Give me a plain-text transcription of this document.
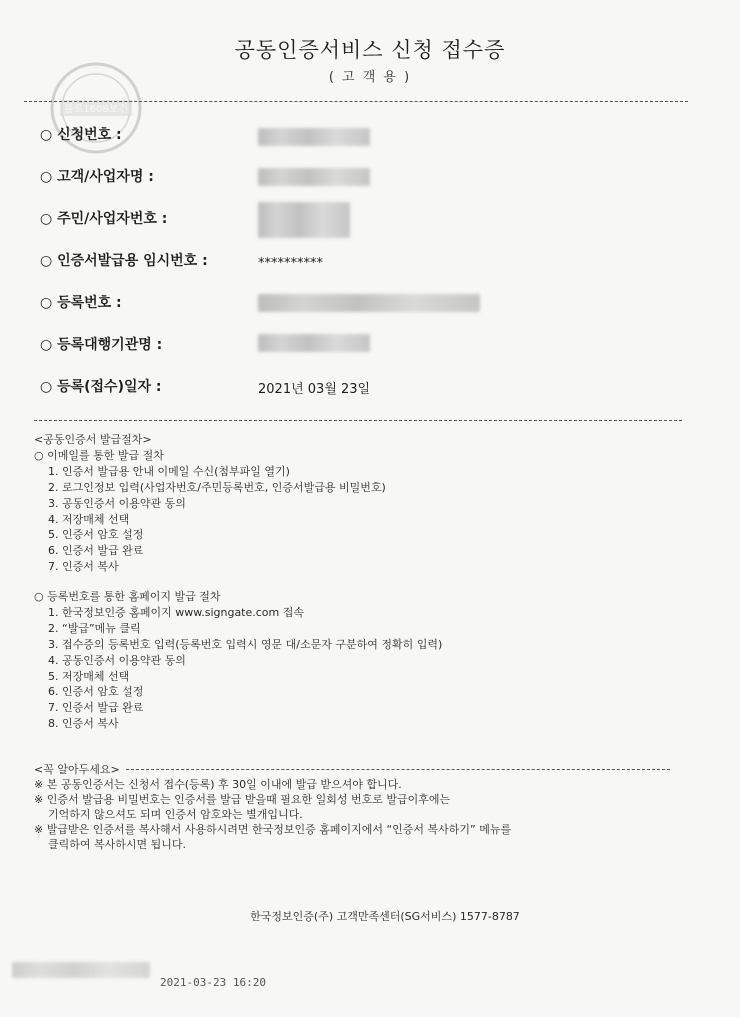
불로1608보건
공동인증서비스 신청 접수증
( 고 객 용 )
○ 신청번호 :
○ 고객/사업자명 :
○ 주민/사업자번호 :
○ 인증서발급용 임시번호 :	**********
○ 등록번호 :
○ 등록대행기관명 :
○ 등록(접수)일자 :	2021년 03월 23일
<공동인증서 발급절차>
○ 이메일를 통한 발급 절차
1. 인증서 발급용 안내 이메일 수신(첨부파일 열기)
2. 로그인정보 입력(사업자번호/주민등록번호, 인증서발급용 비밀번호)
3. 공동인증서 이용약관 동의
4. 저장매체 선택
5. 인증서 암호 설정
6. 인증서 발급 완료
7. 인증서 복사
○ 등록번호를 통한 홈페이지 발급 절차
1. 한국정보인증 홈페이지 www.signgate.com 접속
2. “발급”메뉴 클릭
3. 접수증의 등록번호 입력(등록번호 입력시 영문 대/소문자 구분하여 정확히 입력)
4. 공동인증서 이용약관 동의
5. 저장매체 선택
6. 인증서 암호 설정
7. 인증서 발급 완료
8. 인증서 복사
<꼭 알아두세요>
※ 본 공동인증서는 신청서 접수(등록) 후 30일 이내에 발급 받으셔야 합니다.
※ 인증서 발급용 비밀번호는 인증서를 발급 받을때 필요한 일회성 번호로 발급이후에는
기억하지 않으셔도 되며 인증서 암호와는 별개입니다.
※ 발급받은 인증서를 복사해서 사용하시려면 한국정보인증 홈페이지에서 “인증서 복사하기” 메뉴를
클릭하여 복사하시면 됩니다.
한국정보인증(주) 고객만족센터(SG서비스) 1577-8787
2021-03-23 16:20
